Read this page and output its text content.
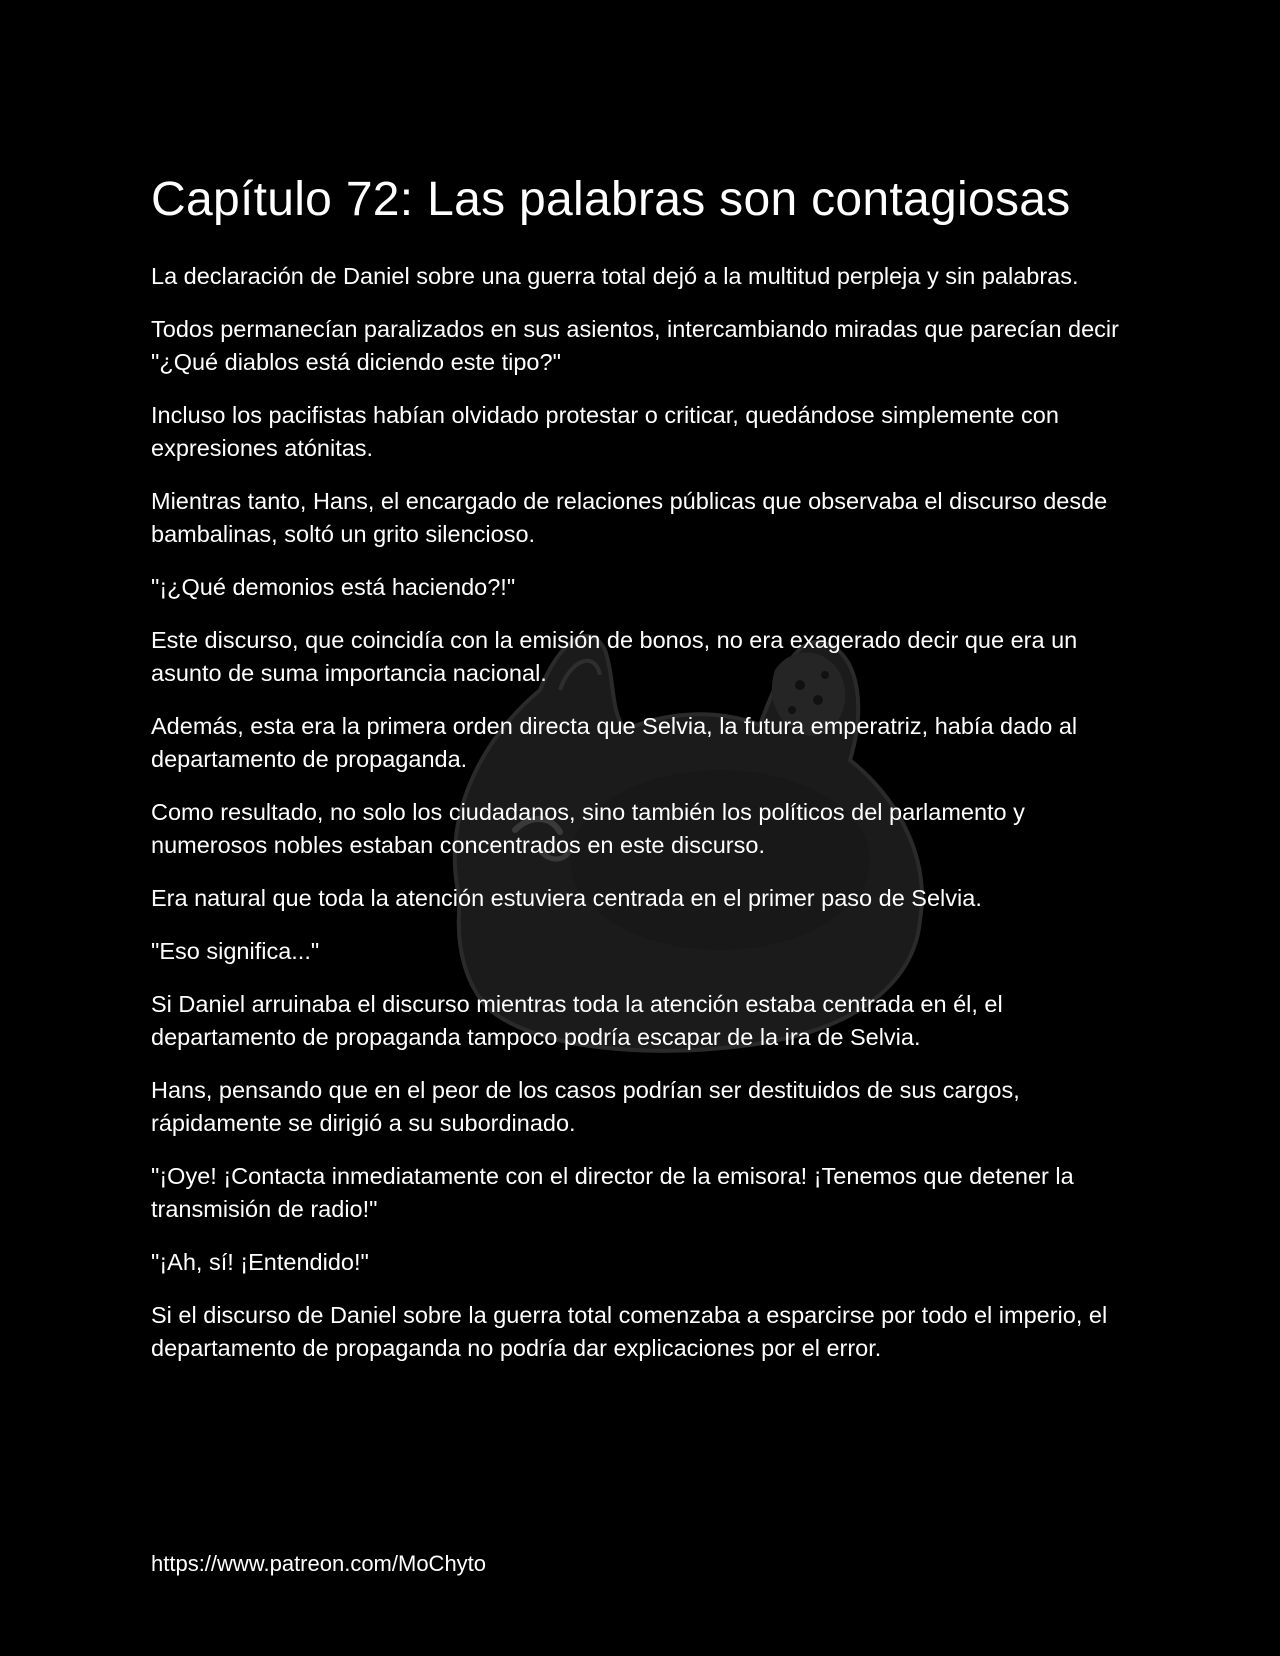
Capítulo 72: Las palabras son contagiosas

La declaración de Daniel sobre una guerra total dejó a la multitud perpleja y sin palabras.

Todos permanecían paralizados en sus asientos, intercambiando miradas que parecían decir "¿Qué diablos está diciendo este tipo?"

Incluso los pacifistas habían olvidado protestar o criticar, quedándose simplemente con expresiones atónitas.

Mientras tanto, Hans, el encargado de relaciones públicas que observaba el discurso desde bambalinas, soltó un grito silencioso.

"¡¿Qué demonios está haciendo?!"

Este discurso, que coincidía con la emisión de bonos, no era exagerado decir que era un asunto de suma importancia nacional.

Además, esta era la primera orden directa que Selvia, la futura emperatriz, había dado al departamento de propaganda.

Como resultado, no solo los ciudadanos, sino también los políticos del parlamento y numerosos nobles estaban concentrados en este discurso.

Era natural que toda la atención estuviera centrada en el primer paso de Selvia.

"Eso significa..."

Si Daniel arruinaba el discurso mientras toda la atención estaba centrada en él, el departamento de propaganda tampoco podría escapar de la ira de Selvia.

Hans, pensando que en el peor de los casos podrían ser destituidos de sus cargos, rápidamente se dirigió a su subordinado.

"¡Oye! ¡Contacta inmediatamente con el director de la emisora! ¡Tenemos que detener la transmisión de radio!"

"¡Ah, sí! ¡Entendido!"

Si el discurso de Daniel sobre la guerra total comenzaba a esparcirse por todo el imperio, el departamento de propaganda no podría dar explicaciones por el error.

https://www.patreon.com/MoChyto
